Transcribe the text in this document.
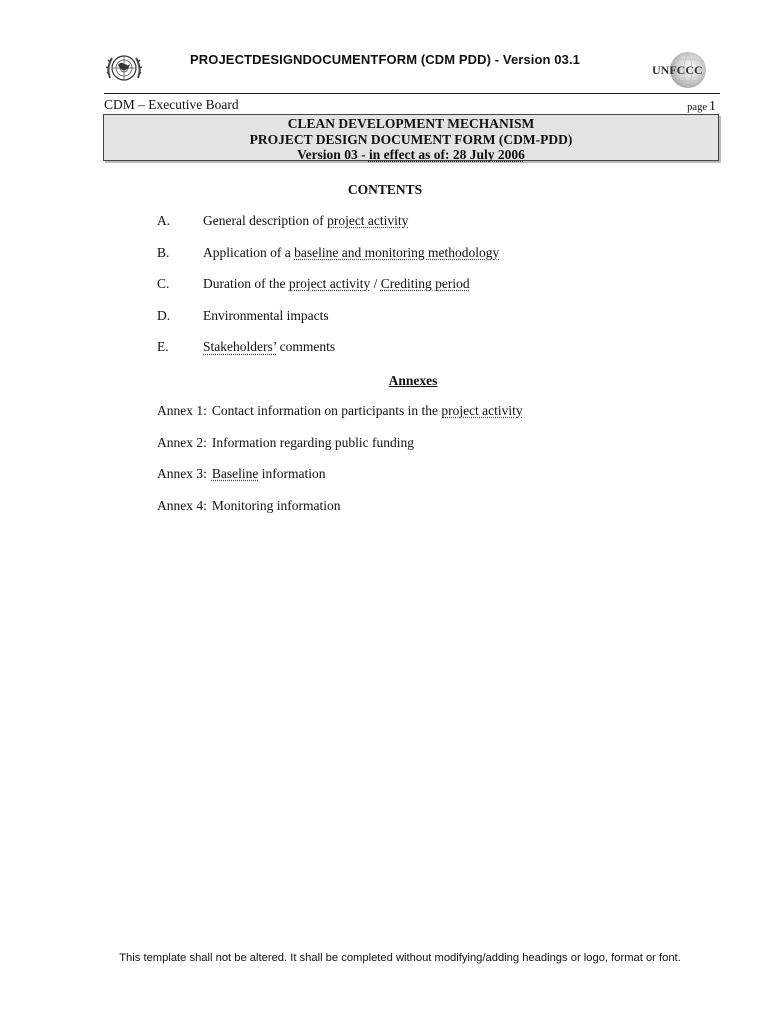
PROJECTDESIGNDOCUMENTFORM (CDM PDD) - Version 03.1
UNFCCC
CDM – Executive Board	page 1
CLEAN DEVELOPMENT MECHANISM
PROJECT DESIGN DOCUMENT FORM (CDM-PDD)
Version 03 - in effect as of: 28 July 2006
CONTENTS
A.	General description of project activity
B.	Application of a baseline and monitoring methodology
C.	Duration of the project activity / Crediting period
D.	Environmental impacts
E.	Stakeholders’ comments
Annexes
Annex 1: Contact information on participants in the project activity
Annex 2: Information regarding public funding
Annex 3: Baseline information
Annex 4: Monitoring information
This template shall not be altered. It shall be completed without modifying/adding headings or logo, format or font.
